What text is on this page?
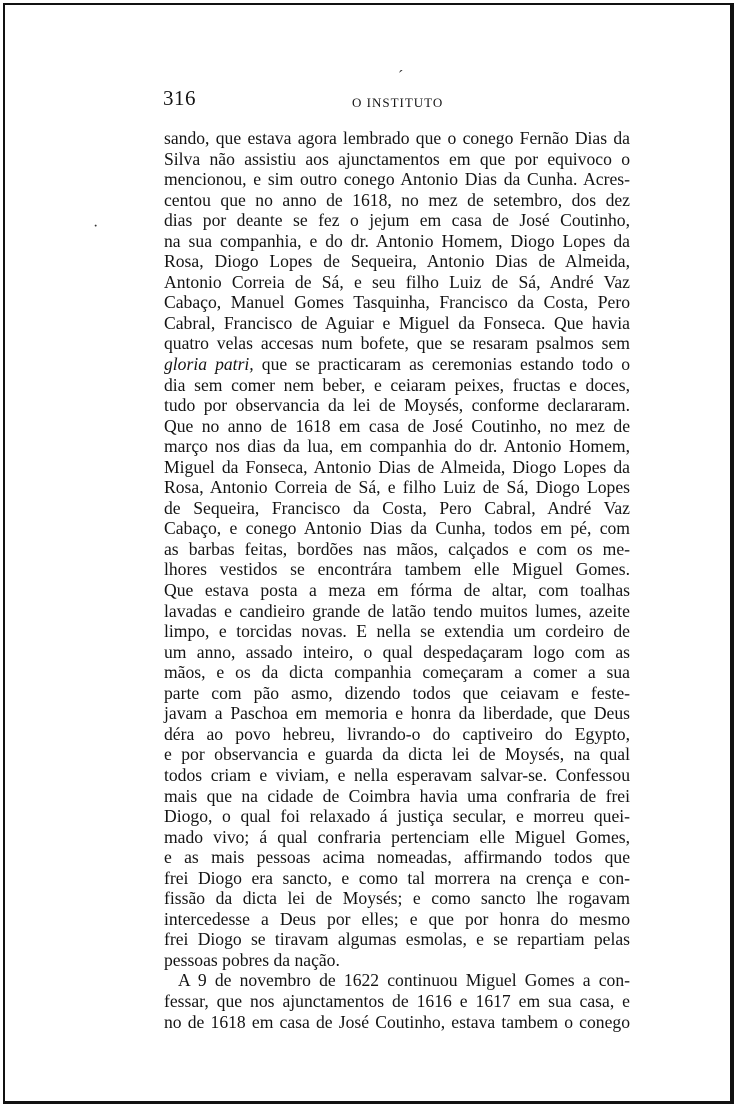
316	O INSTITUTO
ˊ
·
sando, que estava agora lembrado que o conego Fernão Dias da
Silva não assistiu aos ajunctamentos em que por equivoco o
mencionou, e sim outro conego Antonio Dias da Cunha. Acres-
centou que no anno de 1618, no mez de setembro, dos dez
dias por deante se fez o jejum em casa de José Coutinho,
na sua companhia, e do dr. Antonio Homem, Diogo Lopes da
Rosa, Diogo Lopes de Sequeira, Antonio Dias de Almeida,
Antonio Correia de Sá, e seu filho Luiz de Sá, André Vaz
Cabaço, Manuel Gomes Tasquinha, Francisco da Costa, Pero
Cabral, Francisco de Aguiar e Miguel da Fonseca. Que havia
quatro velas accesas num bofete, que se resaram psalmos sem
gloria patri, que se practicaram as ceremonias estando todo o
dia sem comer nem beber, e ceiaram peixes, fructas e doces,
tudo por observancia da lei de Moysés, conforme declararam.
Que no anno de 1618 em casa de José Coutinho, no mez de
março nos dias da lua, em companhia do dr. Antonio Homem,
Miguel da Fonseca, Antonio Dias de Almeida, Diogo Lopes da
Rosa, Antonio Correia de Sá, e filho Luiz de Sá, Diogo Lopes
de Sequeira, Francisco da Costa, Pero Cabral, André Vaz
Cabaço, e conego Antonio Dias da Cunha, todos em pé, com
as barbas feitas, bordões nas mãos, calçados e com os me-
lhores vestidos se encontrára tambem elle Miguel Gomes.
Que estava posta a meza em fórma de altar, com toalhas
lavadas e candieiro grande de latão tendo muitos lumes, azeite
limpo, e torcidas novas. E nella se extendia um cordeiro de
um anno, assado inteiro, o qual despedaçaram logo com as
mãos, e os da dicta companhia começaram a comer a sua
parte com pão asmo, dizendo todos que ceiavam e feste-
javam a Paschoa em memoria e honra da liberdade, que Deus
déra ao povo hebreu, livrando-o do captiveiro do Egypto,
e por observancia e guarda da dicta lei de Moysés, na qual
todos criam e viviam, e nella esperavam salvar-se. Confessou
mais que na cidade de Coimbra havia uma confraria de frei
Diogo, o qual foi relaxado á justiça secular, e morreu quei-
mado vivo; á qual confraria pertenciam elle Miguel Gomes,
e as mais pessoas acima nomeadas, affirmando todos que
frei Diogo era sancto, e como tal morrera na crença e con-
fissão da dicta lei de Moysés; e como sancto lhe rogavam
intercedesse a Deus por elles; e que por honra do mesmo
frei Diogo se tiravam algumas esmolas, e se repartiam pelas
pessoas pobres da nação.
A 9 de novembro de 1622 continuou Miguel Gomes a con-
fessar, que nos ajunctamentos de 1616 e 1617 em sua casa, e
no de 1618 em casa de José Coutinho, estava tambem o conego
